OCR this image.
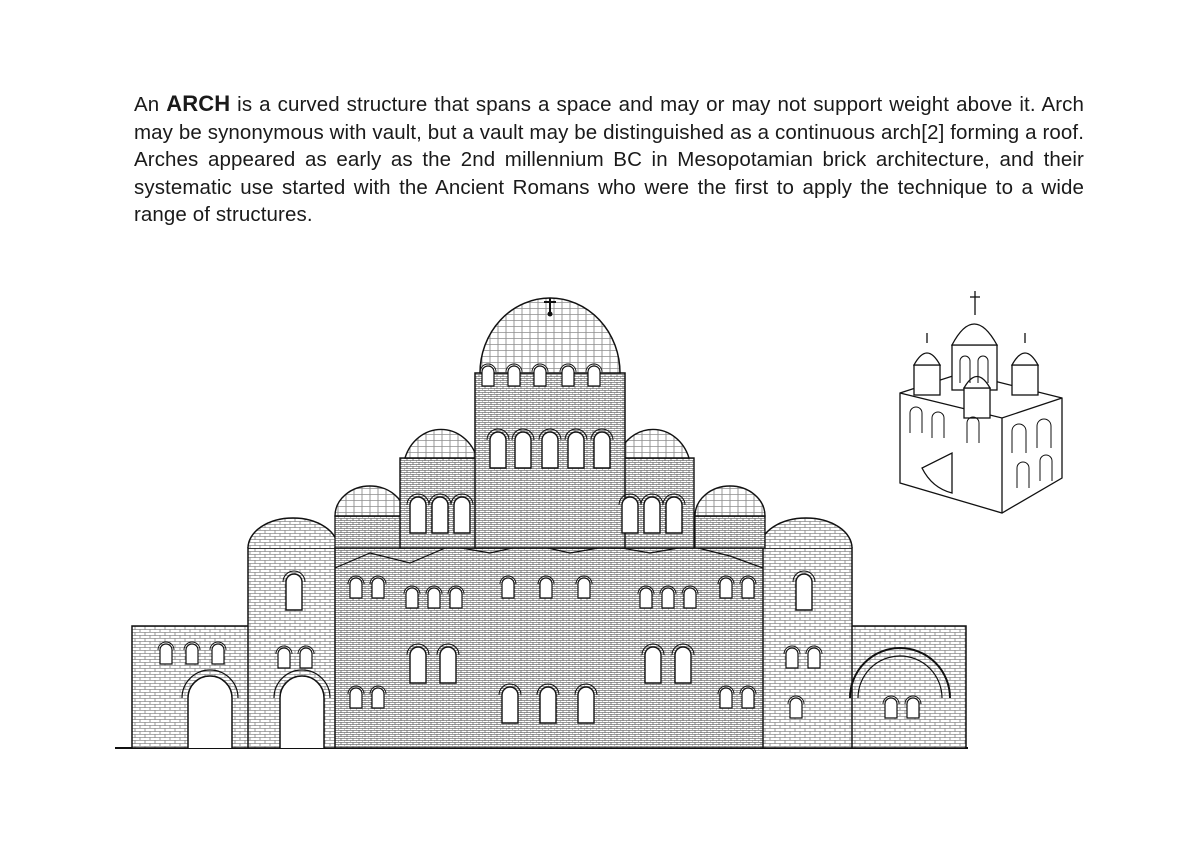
An ARCH is a curved structure that spans a space and may or may not support weight above it. Arch may be synonymous with vault, but a vault may be distinguished as a continuous arch[2] forming a roof. Arches appeared as early as the 2nd millennium BC in Mesopotamian brick architecture, and their systematic use started with the Ancient Romans who were the first to apply the technique to a wide range of structures.
